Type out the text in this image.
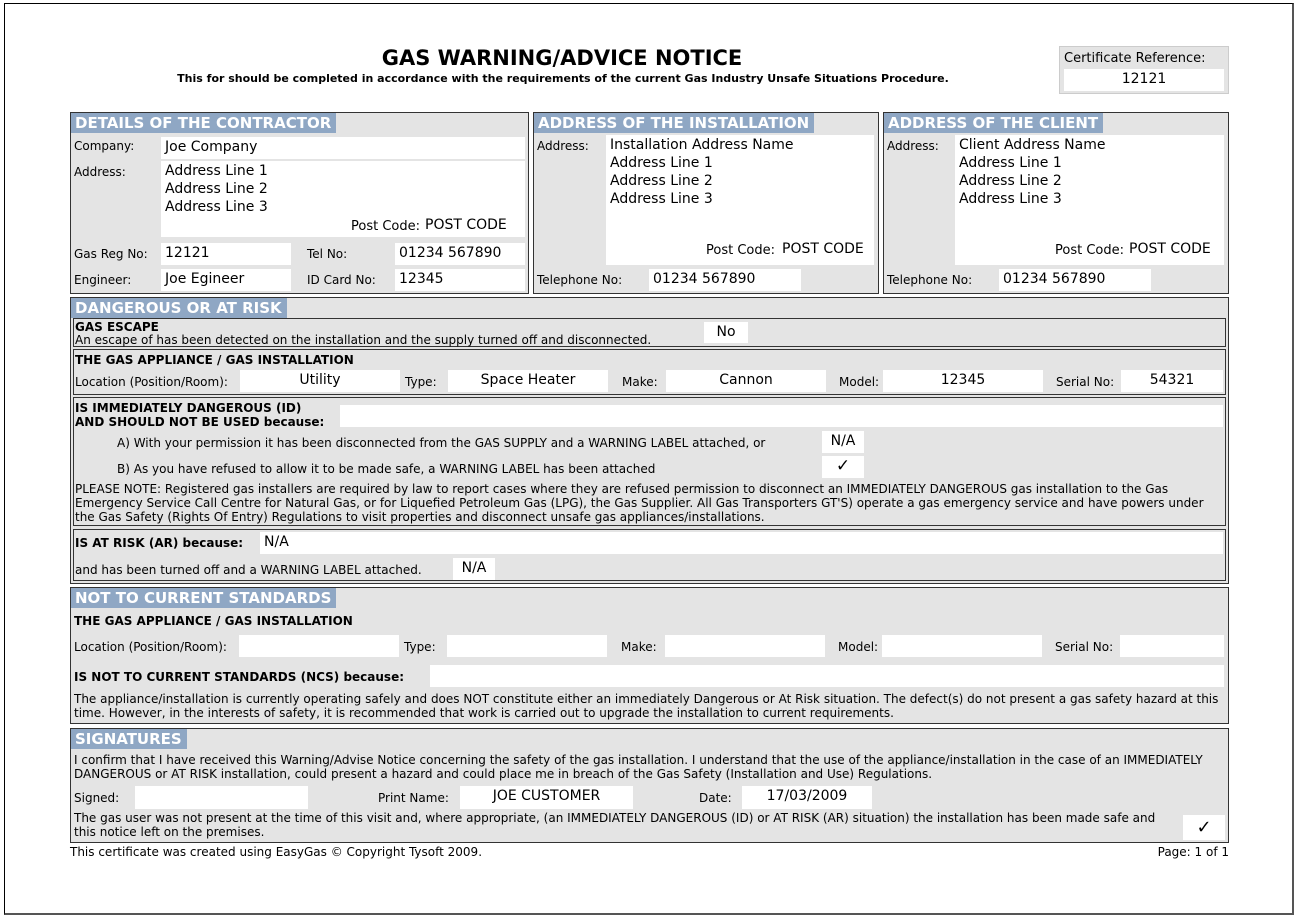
GAS WARNING/ADVICE NOTICE
This for should be completed in accordance with the requirements of the current Gas Industry Unsafe Situations Procedure.
Certificate Reference:
12121
DETAILS OF THE CONTRACTOR
Company: Joe Company
Address:	Address Line 1
Address Line 2
Address Line 3
Post Code: POST CODE
Gas Reg No: 12121	Tel No:	01234 567890
Engineer: Joe Egineer	ID Card No: 12345
ADDRESS OF THE INSTALLATION
Address: Installation Address Name
Address Line 1
Address Line 2
Address Line 3
Post Code: POST CODE
Telephone No: 01234 567890
ADDRESS OF THE CLIENT
Address: Client Address Name
Address Line 1
Address Line 2
Address Line 3
Post Code: POST CODE
Telephone No: 01234 567890
DANGEROUS OR AT RISK
GAS ESCAPE
An escape of has been detected on the installation and the supply turned off and disconnected.	No
THE GAS APPLIANCE / GAS INSTALLATION
Location (Position/Room):	Utility	Type:	Space Heater	Make:	Cannon	Model:	12345	Serial No:	54321
IS IMMEDIATELY DANGEROUS (ID)
AND SHOULD NOT BE USED because:
A) With your permission it has been disconnected from the GAS SUPPLY and a WARNING LABEL attached, or	N/A
B) As you have refused to allow it to be made safe, a WARNING LABEL has been attached	✓
PLEASE NOTE: Registered gas installers are required by law to report cases where they are refused permission to disconnect an IMMEDIATELY DANGEROUS gas installation to the Gas Emergency Service Call Centre for Natural Gas, or for Liquefied Petroleum Gas (LPG), the Gas Supplier. All Gas Transporters GT'S) operate a gas emergency service and have powers under the Gas Safety (Rights Of Entry) Regulations to visit properties and disconnect unsafe gas appliances/installations.
IS AT RISK (AR) because: N/A
and has been turned off and a WARNING LABEL attached.	N/A
NOT TO CURRENT STANDARDS
THE GAS APPLIANCE / GAS INSTALLATION
Location (Position/Room):	Type:	Make:	Model:	Serial No:
IS NOT TO CURRENT STANDARDS (NCS) because:
The appliance/installation is currently operating safely and does NOT constitute either an immediately Dangerous or At Risk situation. The defect(s) do not present a gas safety hazard at this time. However, in the interests of safety, it is recommended that work is carried out to upgrade the installation to current requirements.
SIGNATURES
I confirm that I have received this Warning/Advise Notice concerning the safety of the gas installation. I understand that the use of the appliance/installation in the case of an IMMEDIATELY DANGEROUS or AT RISK installation, could present a hazard and could place me in breach of the Gas Safety (Installation and Use) Regulations.
Signed:	Print Name:	JOE CUSTOMER	Date:	17/03/2009
The gas user was not present at the time of this visit and, where appropriate, (an IMMEDIATELY DANGEROUS (ID) or AT RISK (AR) situation) the installation has been made safe and this notice left on the premises.	✓
This certificate was created using EasyGas © Copyright Tysoft 2009.	Page: 1 of 1
